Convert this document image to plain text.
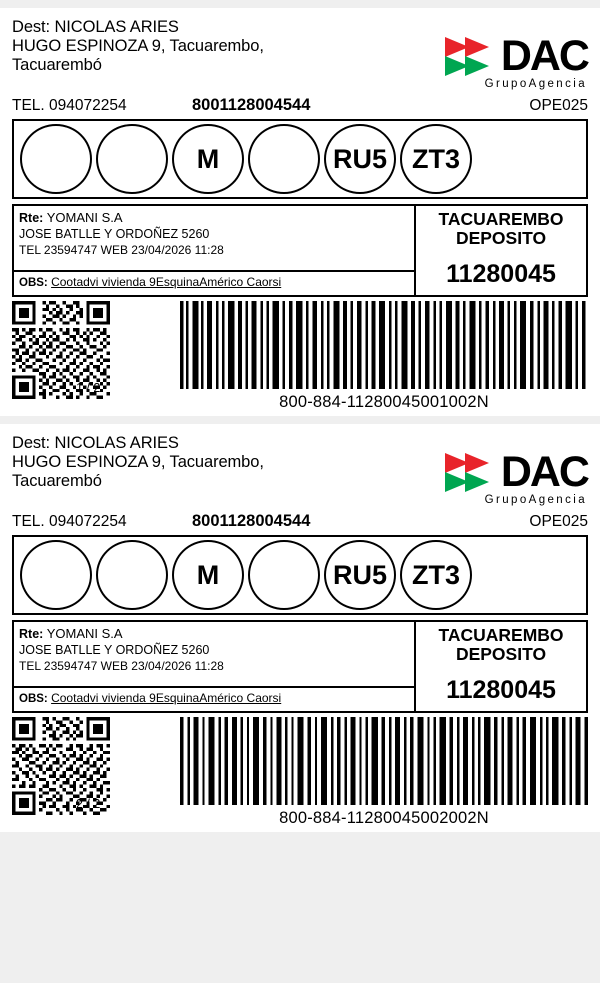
Dest: NICOLAS ARIES
HUGO ESPINOZA 9, Tacuarembo,
Tacuarembó	DAC
GrupoAgencia
TEL. 094072254	8001128004544	OPE025
M	RU5 ZT3
Rte: YOMANI S.A
JOSE BATLLE Y ORDOÑEZ 5260
TEL 23594747 WEB 23/04/2026 11:28
OBS: Cootadvi vivienda 9EsquinaAmérico Caorsi
TACUAREMBO
DEPOSITO
11280045
1 / 2
800-884-11280045001002N
Dest: NICOLAS ARIES
HUGO ESPINOZA 9, Tacuarembo,
Tacuarembó	DAC
GrupoAgencia
TEL. 094072254	8001128004544	OPE025
M	RU5 ZT3
Rte: YOMANI S.A
JOSE BATLLE Y ORDOÑEZ 5260
TEL 23594747 WEB 23/04/2026 11:28
OBS: Cootadvi vivienda 9EsquinaAmérico Caorsi
TACUAREMBO
DEPOSITO
11280045
2 / 2
800-884-11280045002002N
